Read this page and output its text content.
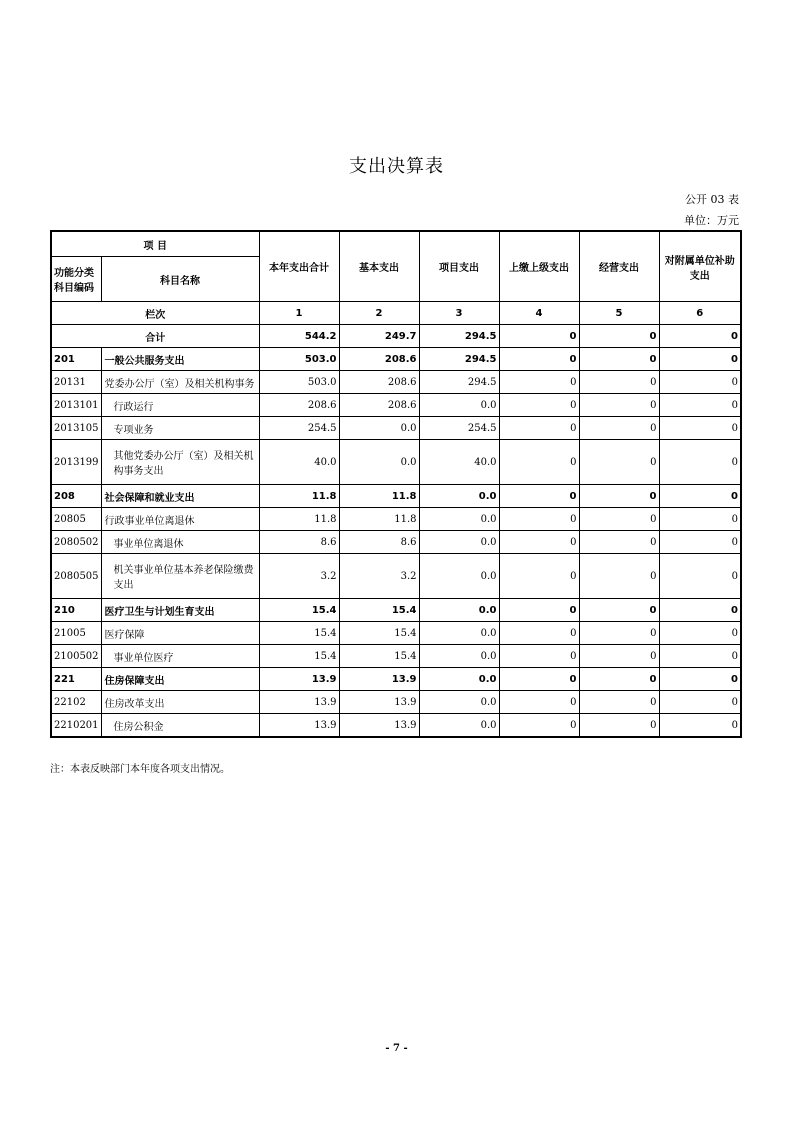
支出决算表
公开 03 表
单位：万元
项 目		本年支出合计	基本支出	项目支出	上缴上级支出	经营支出	对附属单位补助支出
功能分类科目编码	科目名称						
栏次		1	2	3	4	5	6
合计		544.2	249.7	294.5	0	0	0
201	一般公共服务支出	503.0	208.6	294.5	0	0	0
20131	党委办公厅（室）及相关机构事务	503.0	208.6	294.5	0	0	0
2013101	行政运行	208.6	208.6	0.0	0	0	0
2013105	专项业务	254.5	0.0	254.5	0	0	0
2013199	其他党委办公厅（室）及相关机构事务支出	40.0	0.0	40.0	0	0	0
208	社会保障和就业支出	11.8	11.8	0.0	0	0	0
20805	行政事业单位离退休	11.8	11.8	0.0	0	0	0
2080502	事业单位离退休	8.6	8.6	0.0	0	0	0
2080505	机关事业单位基本养老保险缴费支出	3.2	3.2	0.0	0	0	0
210	医疗卫生与计划生育支出	15.4	15.4	0.0	0	0	0
21005	医疗保障	15.4	15.4	0.0	0	0	0
2100502	事业单位医疗	15.4	15.4	0.0	0	0	0
221	住房保障支出	13.9	13.9	0.0	0	0	0
22102	住房改革支出	13.9	13.9	0.0	0	0	0
2210201	住房公积金	13.9	13.9	0.0	0	0	0
注：本表反映部门本年度各项支出情况。
- 7 -
